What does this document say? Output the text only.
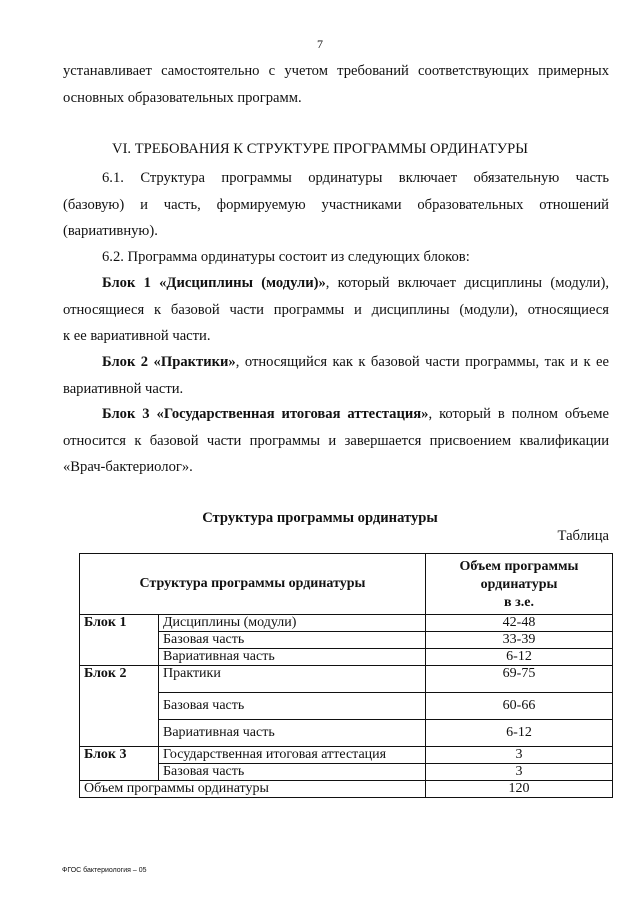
7
устанавливает самостоятельно с учетом требований соответствующих примерных
основных образовательных программ.
VI. ТРЕБОВАНИЯ К СТРУКТУРЕ ПРОГРАММЫ ОРДИНАТУРЫ
6.1. Структура программы ординатуры включает обязательную часть
(базовую) и часть, формируемую участниками образовательных отношений
(вариативную).
6.2. Программа ординатуры состоит из следующих блоков:
Блок 1 «Дисциплины (модули)», который включает дисциплины (модули),
относящиеся к базовой части программы и дисциплины (модули), относящиеся
к ее вариативной части.
Блок 2 «Практики», относящийся как к базовой части программы, так и к ее
вариативной части.
Блок 3 «Государственная итоговая аттестация», который в полном объеме
относится к базовой части программы и завершается присвоением квалификации
«Врач-бактериолог».
Структура программы ординатуры
Таблица
Структура программы ординатуры		Объем программы
ординатуры
в з.е.
Блок 1	Дисциплины (модули)	42-48
	Базовая часть	33-39
	Вариативная часть	6-12
Блок 2	Практики	69-75
	Базовая часть	60-66
	Вариативная часть	6-12
Блок 3	Государственная итоговая аттестация	3
	Базовая часть	3
Объем программы ординатуры		120
ФГОС бактериология – 05
